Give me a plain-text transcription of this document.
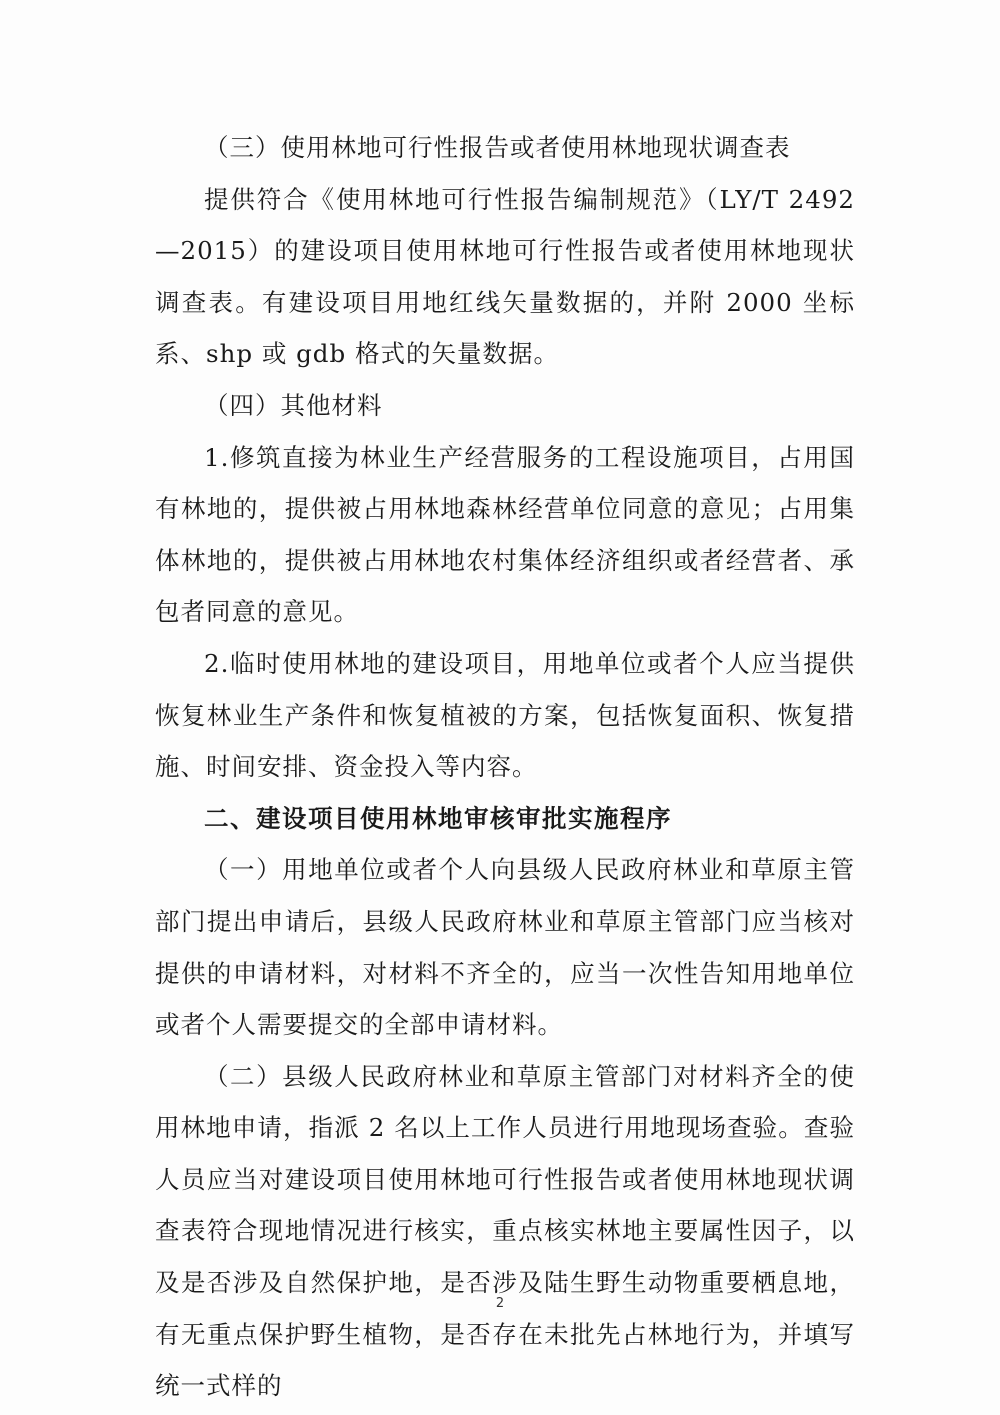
（三）使用林地可行性报告或者使用林地现状调查表

提供符合《使用林地可行性报告编制规范》（LY/T 2492—2015）的建设项目使用林地可行性报告或者使用林地现状调查表。有建设项目用地红线矢量数据的，并附 2000 坐标系、shp 或 gdb 格式的矢量数据。

（四）其他材料

1.修筑直接为林业生产经营服务的工程设施项目，占用国有林地的，提供被占用林地森林经营单位同意的意见；占用集体林地的，提供被占用林地农村集体经济组织或者经营者、承包者同意的意见。

2.临时使用林地的建设项目，用地单位或者个人应当提供恢复林业生产条件和恢复植被的方案，包括恢复面积、恢复措施、时间安排、资金投入等内容。

二、建设项目使用林地审核审批实施程序

（一）用地单位或者个人向县级人民政府林业和草原主管部门提出申请后，县级人民政府林业和草原主管部门应当核对提供的申请材料，对材料不齐全的，应当一次性告知用地单位或者个人需要提交的全部申请材料。

（二）县级人民政府林业和草原主管部门对材料齐全的使用林地申请，指派 2 名以上工作人员进行用地现场查验。查验人员应当对建设项目使用林地可行性报告或者使用林地现状调查表符合现地情况进行核实，重点核实林地主要属性因子，以及是否涉及自然保护地，是否涉及陆生野生动物重要栖息地，有无重点保护野生植物，是否存在未批先占林地行为，并填写统一式样的

2
